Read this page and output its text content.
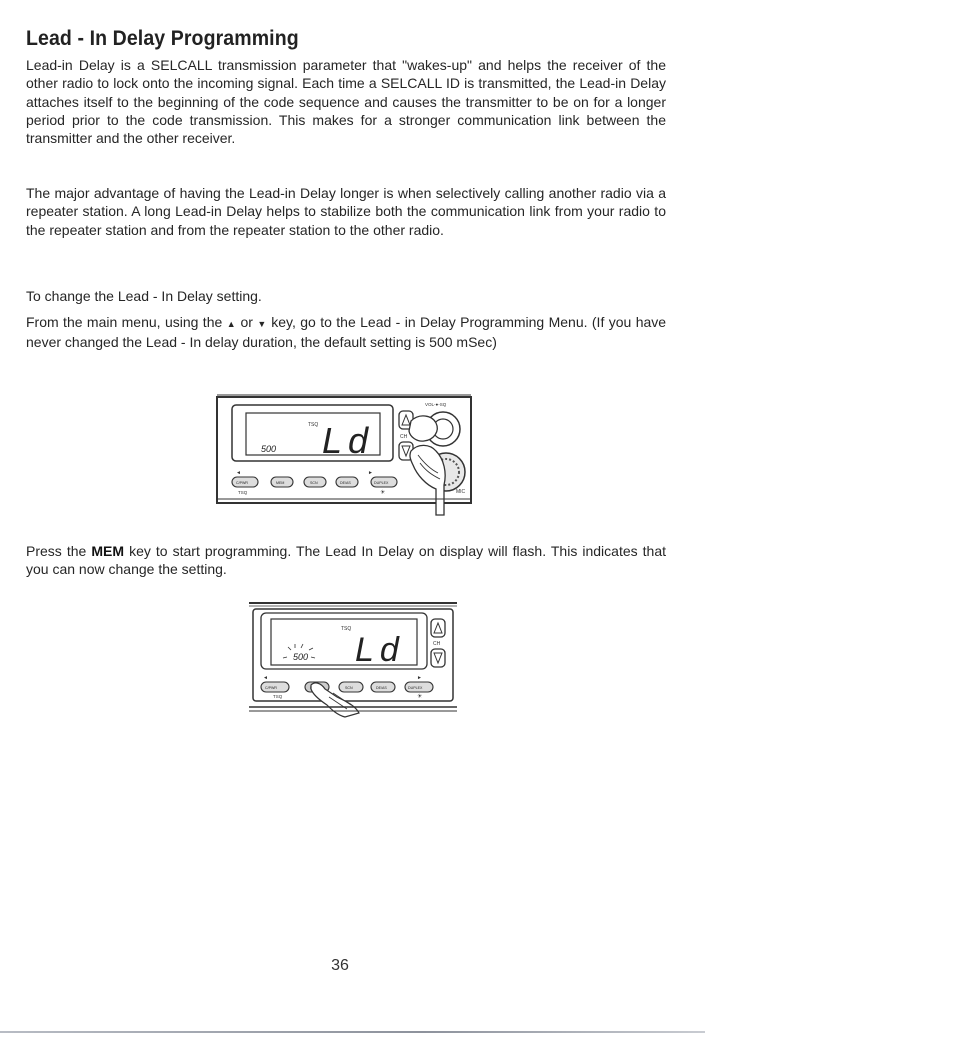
Lead - In Delay Programming

Lead-in Delay is a SELCALL transmission parameter that "wakes-up" and helps the receiver of the other radio to lock onto the incoming signal. Each time a SELCALL ID is transmitted, the Lead-in Delay attaches itself to the beginning of the code sequence and causes the transmitter to be on for a longer period prior to the code transmission. This makes for a stronger communication link between the transmitter and the other receiver.

The major advantage of having the Lead-in Delay longer is when selectively calling another radio via a repeater station. A long Lead-in Delay helps to stabilize both the communication link from your radio to the repeater station and from the repeater station to the other radio.

To change the Lead - In Delay setting.

From the main menu, using the ▲ or ▼ key, go to the Lead - in Delay Programming Menu. (If you have never changed the Lead - In delay duration, the default setting is 500 mSec)

TSQ
500 Ld	CH
VOL-●-SQ
MIC
◄	►
C/PWR	MEM	SCN	DE/AS	DUPLEX
TSQ	☀

Press the MEM key to start programming. The Lead In Delay on display will flash. This indicates that you can now change the setting.

TSQ
500 Ld	CH
◄	►
C/PWR	SCN	DE/AS	DUPLEX
TSQ	☀
36
